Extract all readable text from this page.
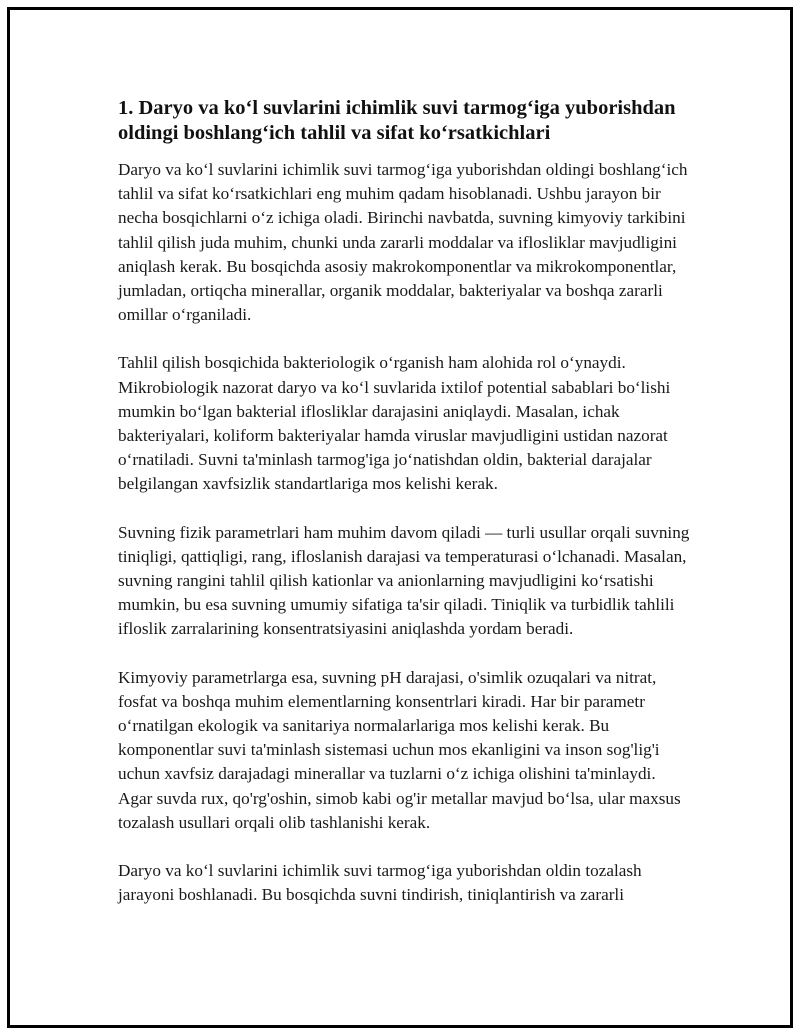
1. Daryo va ko‘l suvlarini ichimlik suvi tarmog‘iga yuborishdan oldingi boshlang‘ich tahlil va sifat ko‘rsatkichlari

Daryo va ko‘l suvlarini ichimlik suvi tarmog‘iga yuborishdan oldingi boshlang‘ich tahlil va sifat ko‘rsatkichlari eng muhim qadam hisoblanadi. Ushbu jarayon bir necha bosqichlarni o‘z ichiga oladi. Birinchi navbatda, suvning kimyoviy tarkibini tahlil qilish juda muhim, chunki unda zararli moddalar va iflosliklar mavjudligini aniqlash kerak. Bu bosqichda asosiy makrokomponentlar va mikrokomponentlar, jumladan, ortiqcha minerallar, organik moddalar, bakteriyalar va boshqa zararli omillar o‘rganiladi.

Tahlil qilish bosqichida bakteriologik o‘rganish ham alohida rol o‘ynaydi. Mikrobiologik nazorat daryo va ko‘l suvlarida ixtilof potential sabablari bo‘lishi mumkin bo‘lgan bakterial iflosliklar darajasini aniqlaydi. Masalan, ichak bakteriyalari, koliform bakteriyalar hamda viruslar mavjudligini ustidan nazorat o‘rnatiladi. Suvni ta'minlash tarmog'iga jo‘natishdan oldin, bakterial darajalar belgilangan xavfsizlik standartlariga mos kelishi kerak.

Suvning fizik parametrlari ham muhim davom qiladi — turli usullar orqali suvning tiniqligi, qattiqligi, rang, ifloslanish darajasi va temperaturasi o‘lchanadi. Masalan, suvning rangini tahlil qilish kationlar va anionlarning mavjudligini ko‘rsatishi mumkin, bu esa suvning umumiy sifatiga ta'sir qiladi. Tiniqlik va turbidlik tahlili ifloslik zarralarining konsentratsiyasini aniqlashda yordam beradi.

Kimyoviy parametrlarga esa, suvning pH darajasi, o'simlik ozuqalari va nitrat, fosfat va boshqa muhim elementlarning konsentrlari kiradi. Har bir parametr o‘rnatilgan ekologik va sanitariya normalarlariga mos kelishi kerak. Bu komponentlar suvi ta'minlash sistemasi uchun mos ekanligini va inson sog'lig'i uchun xavfsiz darajadagi minerallar va tuzlarni o‘z ichiga olishini ta'minlaydi. Agar suvda rux, qo'rg'oshin, simob kabi og'ir metallar mavjud bo‘lsa, ular maxsus tozalash usullari orqali olib tashlanishi kerak.

Daryo va ko‘l suvlarini ichimlik suvi tarmog‘iga yuborishdan oldin tozalash jarayoni boshlanadi. Bu bosqichda suvni tindirish, tiniqlantirish va zararli
